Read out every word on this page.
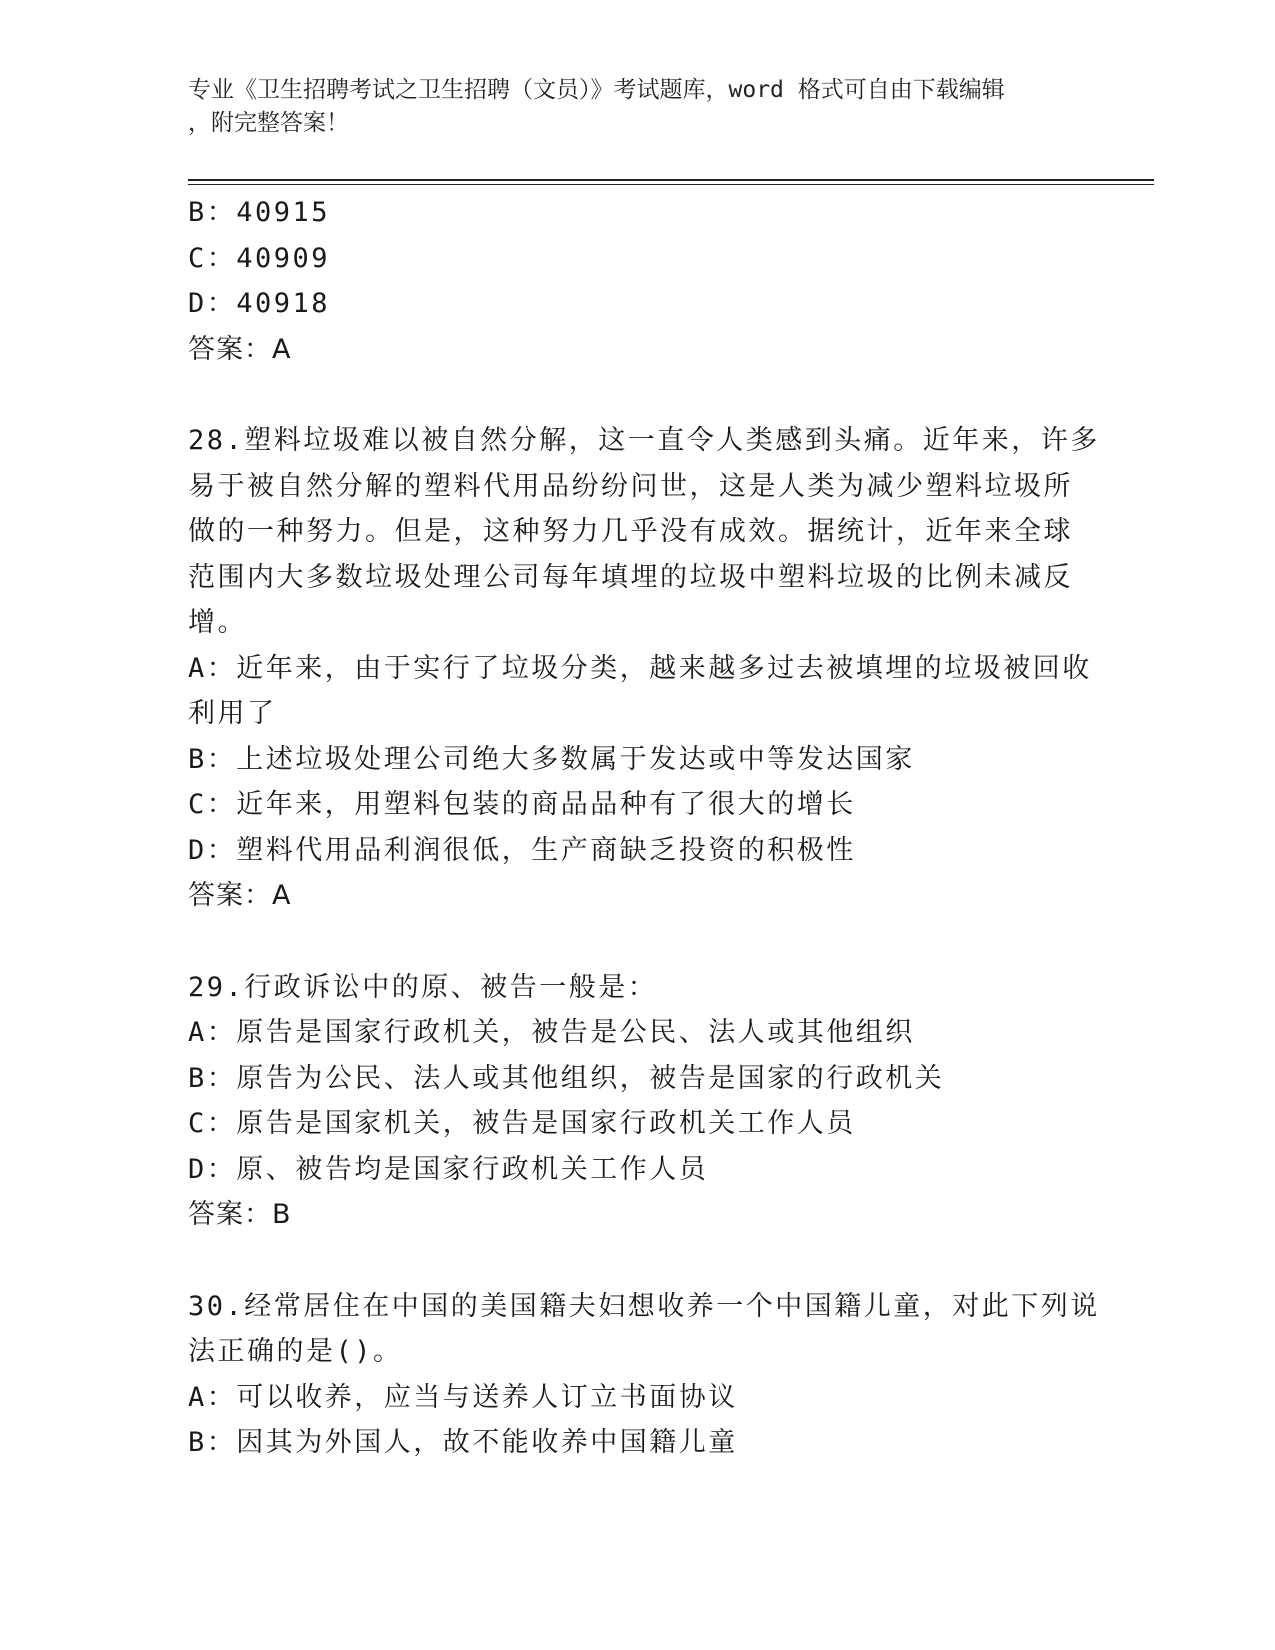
专业《卫生招聘考试之卫生招聘（文员）》考试题库，word 格式可自由下载编辑
，附完整答案！
B：40915
C：40909
D：40918
答案：A
28.塑料垃圾难以被自然分解，这一直令人类感到头痛。近年来，许多
易于被自然分解的塑料代用品纷纷问世，这是人类为减少塑料垃圾所
做的一种努力。但是，这种努力几乎没有成效。据统计，近年来全球
范围内大多数垃圾处理公司每年填埋的垃圾中塑料垃圾的比例未减反
增。
A：近年来，由于实行了垃圾分类，越来越多过去被填埋的垃圾被回收
利用了
B：上述垃圾处理公司绝大多数属于发达或中等发达国家
C：近年来，用塑料包装的商品品种有了很大的增长
D：塑料代用品利润很低，生产商缺乏投资的积极性
答案：A
29.行政诉讼中的原、被告一般是：
A：原告是国家行政机关，被告是公民、法人或其他组织
B：原告为公民、法人或其他组织，被告是国家的行政机关
C：原告是国家机关，被告是国家行政机关工作人员
D：原、被告均是国家行政机关工作人员
答案：B
30.经常居住在中国的美国籍夫妇想收养一个中国籍儿童，对此下列说
法正确的是()。
A：可以收养，应当与送养人订立书面协议
B：因其为外国人，故不能收养中国籍儿童
